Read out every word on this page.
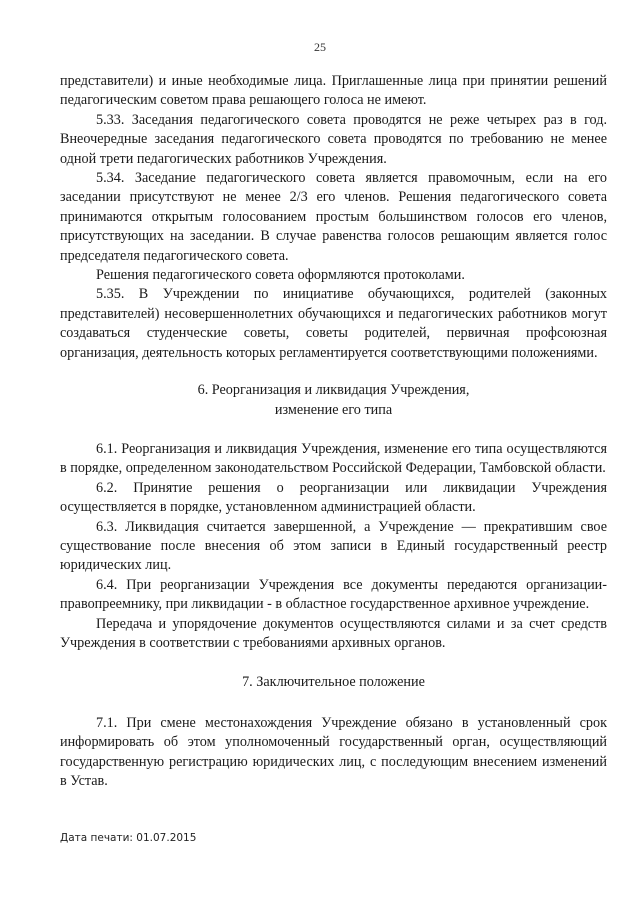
25

представители) и иные необходимые лица. Приглашенные лица при принятии решений педагогическим советом права решающего голоса не имеют.

5.33. Заседания педагогического совета проводятся не реже четырех раз в год. Внеочередные заседания педагогического совета проводятся по требованию не менее одной трети педагогических работников Учреждения.

5.34. Заседание педагогического совета является правомочным, если на его заседании присутствуют не менее 2/3 его членов. Решения педагогического совета принимаются открытым голосованием простым большинством голосов его членов, присутствующих на заседании. В случае равенства голосов решающим является голос председателя педагогического совета.

Решения педагогического совета оформляются протоколами.

5.35. В Учреждении по инициативе обучающихся, родителей (законных представителей) несовершеннолетних обучающихся и педагогических работников могут создаваться студенческие советы, советы родителей, первичная профсоюзная организация, деятельность которых регламентируется соответствующими положениями.

6. Реорганизация и ликвидация Учреждения,
изменение его типа

6.1. Реорганизация и ликвидация Учреждения, изменение его типа осуществляются в порядке, определенном законодательством Российской Федерации, Тамбовской области.

6.2. Принятие решения о реорганизации или ликвидации Учреждения осуществляется в порядке, установленном администрацией области.

6.3. Ликвидация считается завершенной, а Учреждение — прекратившим свое существование после внесения об этом записи в Единый государственный реестр юридических лиц.

6.4. При реорганизации Учреждения все документы передаются организации-правопреемнику, при ликвидации - в областное государственное архивное учреждение.

Передача и упорядочение документов осуществляются силами и за счет средств Учреждения в соответствии с требованиями архивных органов.

7. Заключительное положение

7.1. При смене местонахождения Учреждение обязано в установленный срок информировать об этом уполномоченный государственный орган, осуществляющий государственную регистрацию юридических лиц, с последующим внесением изменений в Устав.

Дата печати: 01.07.2015
